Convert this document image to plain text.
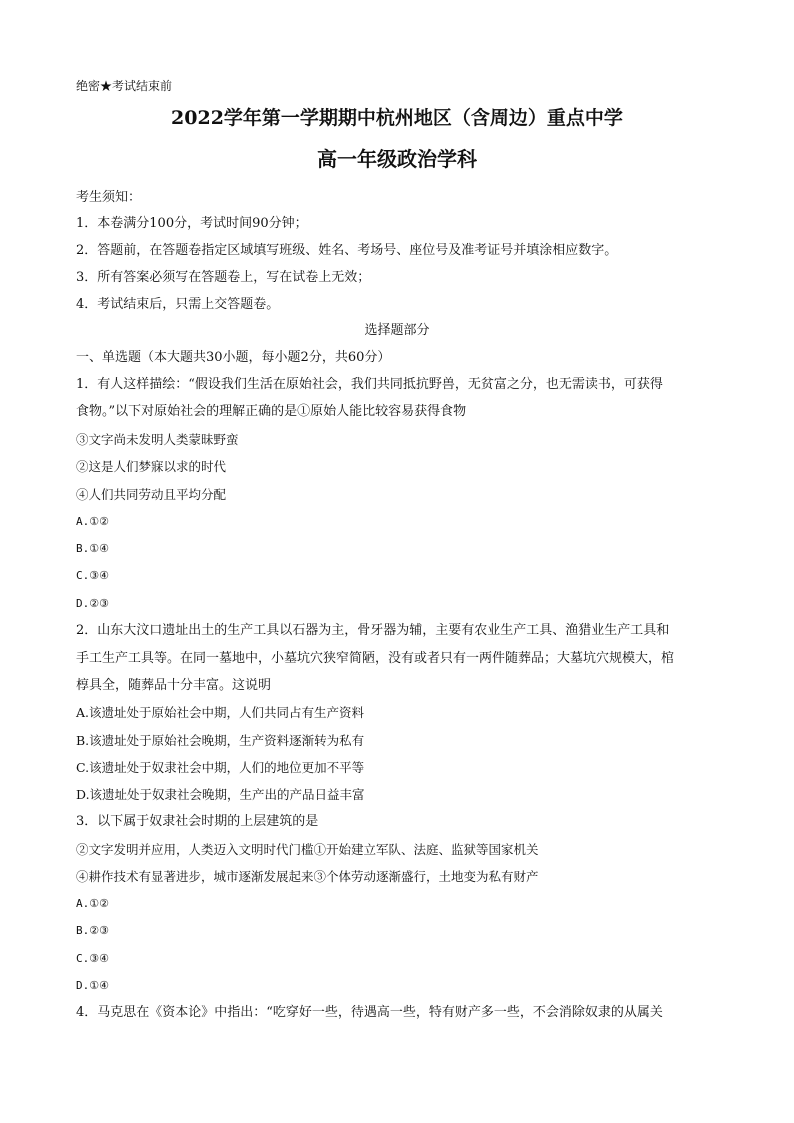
绝密★考试结束前
2022学年第一学期期中杭州地区（含周边）重点中学
高一年级政治学科
考生须知：
1．本卷满分100分，考试时间90分钟；
2．答题前，在答题卷指定区域填写班级、姓名、考场号、座位号及准考证号并填涂相应数字。
3．所有答案必须写在答题卷上，写在试卷上无效；
4．考试结束后，只需上交答题卷。
选择题部分
一、单选题（本大题共30小题，每小题2分，共60分）
1．有人这样描绘：“假设我们生活在原始社会，我们共同抵抗野兽，无贫富之分，也无需读书，可获得
食物。”以下对原始社会的理解正确的是①原始人能比较容易获得食物
③文字尚未发明人类蒙昧野蛮
②这是人们梦寐以求的时代
④人们共同劳动且平均分配
A.①②
B.①④
C.③④
D.②③
2．山东大汶口遗址出土的生产工具以石器为主，骨牙器为辅，主要有农业生产工具、渔猎业生产工具和
手工生产工具等。在同一墓地中，小墓坑穴狭窄简陋，没有或者只有一两件随葬品；大墓坑穴规模大，棺
椁具全，随葬品十分丰富。这说明
A.该遗址处于原始社会中期，人们共同占有生产资料
B.该遗址处于原始社会晚期，生产资料逐渐转为私有
C.该遗址处于奴隶社会中期，人们的地位更加不平等
D.该遗址处于奴隶社会晚期，生产出的产品日益丰富
3．以下属于奴隶社会时期的上层建筑的是
②文字发明并应用，人类迈入文明时代门槛①开始建立军队、法庭、监狱等国家机关
④耕作技术有显著进步，城市逐渐发展起来③个体劳动逐渐盛行，土地变为私有财产
A.①②
B.②③
C.③④
D.①④
4．马克思在《资本论》中指出：“吃穿好一些，待遇高一些，特有财产多一些，不会消除奴隶的从属关
